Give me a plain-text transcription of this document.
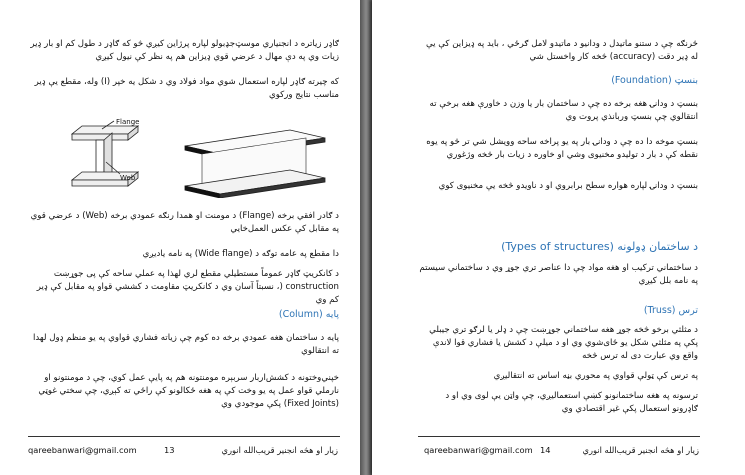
ګاډر زیاتره د انجنیاري‌ موسټ‌جډبولو لپاره پرژاین کیږي‌ څو که ګاډر د طول کم او بار ډیر زیات وي په دې‌ مهال د عرضي‌ قوي‌ ډیزاین هم په نظر کې نیول کیږي

که چیرته ګاډر لپاره استعمال شوي مواد فولاد وي د شکل یه خپر (I) وله، مقطع یې ډیر مناسب نتایج ورکوي

Flange
Web

د ګادر افقي برخه (Flange) د مومنت او همدا رنګه عمودي برخه (Web) د عرضي قوي په مقابل کې عکس العمل‌خایي

دا مقطع په عامه توګه د (Wide flange) په نامه یادیږي

د کانکریټ ګاډر عموماً مستطیلي مقطع لري لهذا په عملي ساحه کې پی‌ جوړښت construction (، نسبتاً آسان وي د کانکریټ مقاومت د کششي قواو په مقابل کې ډیر کم وي

پایه (Column)

پایه د ساختمان هغه عمودي برخه ده کوم چې زیاته فشاري قواوي په یو منظم ډول لهدا ته انتقالوي

خپني‌وختونه د کشش‌ار‌بار سربېره مومنتونه هم په پایې عمل کوي، چې د مومنتونو او نارملي قواو عمل په یو وخت کې په هغه ځکالونو کې راځي ته کېږي، چې سختي غوټي (Fixed Joints) پکې موجودي وي

qareebanwari@gmail.com	13	زیار او هڅه انجنیر قریب‌الله انوري

څرنګه چې د ستنو ماتیدل د ودانیو د ماتیدو لامل ګرځي ، باید په ډیزاین کې یې له ډیر دقت (accuracy) څخه کار واخستل شي

بنسټ (Foundation)

بنسټ د ودانۍ هغه برخه ده چې د ساختمان بار یا وزن د خاورې هغه برخې ته انتقالوي چې بنسټ وربانذي پروت وي

بنسټ موخه دا ده چې د ودانۍ بار په یو پراخه ساحه وویشل شي تر څو په یوه نقطه کې د بار د تولیدو مخنیوی وشي او خاوره د زیات بار څخه وژغوري

بنسټ د ودانۍ لپاره هواره سطح برابروي او د ناویدو څخه یې مخنیوی کوي

د ساختمان ډولونه (Types of structures)

د ساختماني ترکیب او هغه مواد چې دا عناصر تري‌ جوړ وي د ساختماني سیستم په نامه بلل کیږي

ترس (Truss)

د مثلثي‌ برخو څخه جوړ هغه ساختماني جوړښت چې د ډلر یا لرګو تري‌ جیبلي پکې په مثلثي شکل یو ځای‌شوي وي او د میلې د کشش یا فشاري قوا لاندې واقع وي عبارت دی له ترس څخه

په ترس کې ټولې قواوي په محوري بڼه اساس ته انتقالیږي

ترسونه په هغه ساختمانونو کښې استعمالیږي، چې واټن یې لوی وي او د ګاډرونو استعمال پکې غیر اقتصادي وي

qareebanwari@gmail.com 14	زیار او هڅه انجنیر قریب‌الله انوري
